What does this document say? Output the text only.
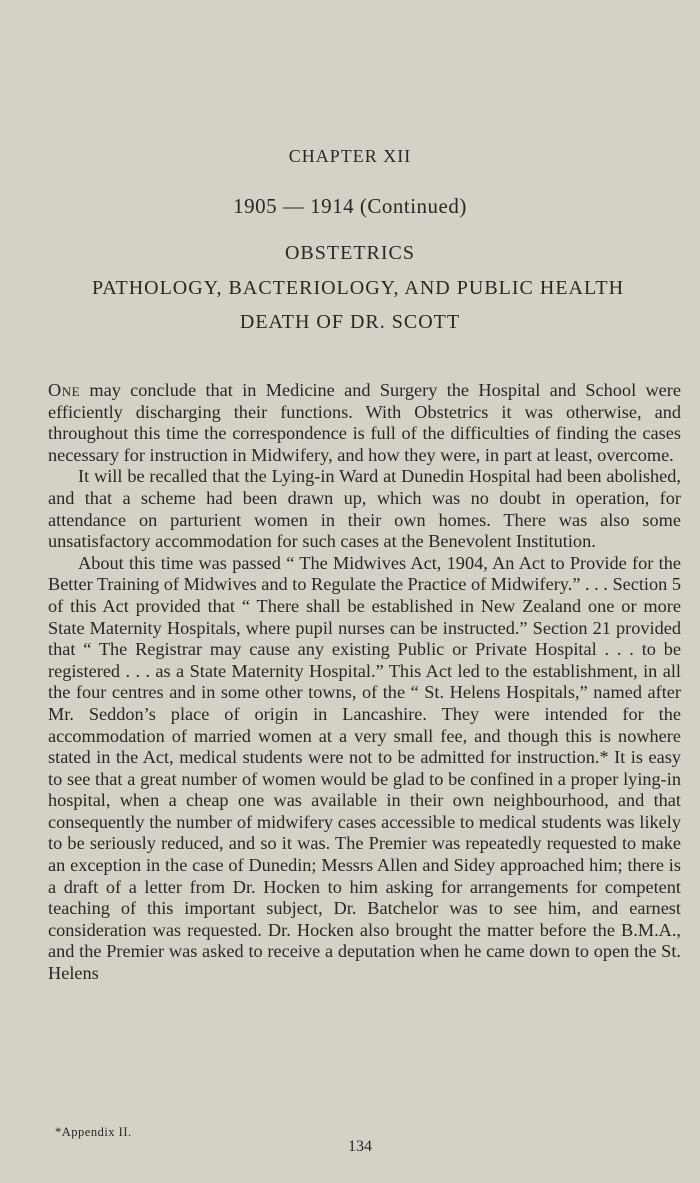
CHAPTER XII
1905 — 1914 (Continued)
OBSTETRICS
PATHOLOGY, BACTERIOLOGY, AND PUBLIC HEALTH
DEATH OF DR. SCOTT

One may conclude that in Medicine and Surgery the Hospital and School were efficiently discharging their functions. With Obstetrics it was otherwise, and throughout this time the correspondence is full of the difficulties of finding the cases necessary for instruction in Midwifery, and how they were, in part at least, overcome.

It will be recalled that the Lying-in Ward at Dunedin Hospital had been abolished, and that a scheme had been drawn up, which was no doubt in operation, for attendance on parturient women in their own homes. There was also some unsatisfactory accommodation for such cases at the Benevolent Institution.

About this time was passed “ The Midwives Act, 1904, An Act to Provide for the Better Training of Midwives and to Regulate the Practice of Midwifery.” . . . Section 5 of this Act provided that “ There shall be established in New Zealand one or more State Maternity Hospitals, where pupil nurses can be instructed.” Section 21 provided that “ The Registrar may cause any existing Public or Private Hospital . . . to be registered . . . as a State Maternity Hospital.” This Act led to the establishment, in all the four centres and in some other towns, of the “ St. Helens Hospitals,” named after Mr. Seddon’s place of origin in Lancashire. They were intended for the accommodation of married women at a very small fee, and though this is nowhere stated in the Act, medical students were not to be admitted for instruction.* It is easy to see that a great number of women would be glad to be confined in a proper lying-in hospital, when a cheap one was available in their own neighbourhood, and that consequently the number of midwifery cases accessible to medical students was likely to be seriously reduced, and so it was. The Premier was repeatedly requested to make an exception in the case of Dunedin; Messrs Allen and Sidey approached him; there is a draft of a letter from Dr. Hocken to him asking for arrangements for competent teaching of this important subject, Dr. Batchelor was to see him, and earnest consideration was requested. Dr. Hocken also brought the matter before the B.M.A., and the Premier was asked to receive a deputation when he came down to open the St. Helens

*Appendix II.
134
